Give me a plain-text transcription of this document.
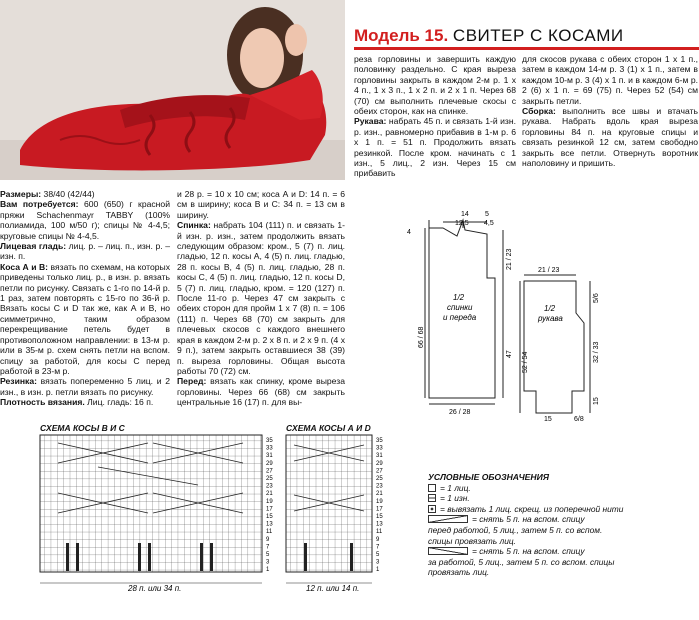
Модель 15. СВИТЕР С КОСАМИ

Размеры: 38/40 (42/44)

Вам потребуется: 600 (650) г красной пряжи Schachenmayr TABBY (100% полиамида, 100 м/50 г); спицы № 4-4,5; круговые спицы № 4-4,5.

Лицевая гладь: лиц. р. – лиц. п., изн. р. – изн. п.

Коса А и В: вязать по схемам, на которых приведены только лиц. р., в изн. р. вязать петли по рисунку. Связать с 1-го по 14-й р. 1 раз, затем повторять с 15-го по 36-й р. Вязать косы С и D так же, как А и В, но симметрично, таким образом перекрещивание петель будет в противоположном направлении: в 13-м р. или в 35-м р. схем снять петли на вспом. спицу за работой, для косы С перед работой в 23-м р.

Резинка: вязать попеременно 5 лиц. и 2 изн., в изн. р. петли вязать по рисунку.

Плотность вязания. Лиц. гладь: 16 п.

и 28 р. = 10 х 10 см; коса А и D: 14 п. = 6 см в ширину; коса В и С: 34 п. = 13 см в ширину.

Спинка: набрать 104 (111) п. и связать 1-й изн. р. изн., затем продолжить вязать следующим образом: кром., 5 (7) п. лиц. гладью, 12 п. косы А, 4 (5) п. лиц. гладью, 28 п. косы В, 4 (5) п. лиц. гладью, 28 п. косы С, 4 (5) п. лиц. гладью, 12 п. косы D, 5 (7) п. лиц. гладью, кром. = 120 (127) п. После 11-го р. Через 47 см закрыть с обеих сторон для пройм 1 х 7 (8) п. = 106 (111) п. Через 68 (70) см закрыть для плечевых скосов с каждого внешнего края в каждом 2-м р. 2 х 8 п. и 2 х 9 п. (4 х 9 п.), затем закрыть оставшиеся 38 (39) п. выреза горловины. Общая высота работы 70 (72) см.

Перед: вязать как спинку, кроме выреза горловины. Через 66 (68) см закрыть центральные 16 (17) п. для вы-

реза горловины и завершить каждую половинку раздельно. С края выреза горловины закрыть в каждом 2-м р. 1 х 4 п., 1 х 3 п., 1 х 2 п. и 2 х 1 п. Через 68 (70) см выполнить плечевые скосы с обеих сторон, как на спинке.

Рукава: набрать 45 п. и связать 1-й изн. р. изн., равномерно прибавив в 1-м р. 6 х 1 п. = 51 п. Продолжить вязать резинкой. После кром. начинать с 1 изн., 5 лиц., 2 изн. Через 15 см прибавить

для скосов рукава с обеих сторон 1 х 1 п., затем в каждом 14-м р. 3 (1) х 1 п., затем в каждом 10-м р. 3 (4) х 1 п. и в каждом 6-м р. 2 (6) х 1 п. = 69 (75) п. Через 52 (54) см закрыть петли.

Сборка: выполнить все швы и втачать рукава. Набрать вдоль края выреза горловины 84 п. на круговые спицы и связать резинкой 12 см, затем свободно закрыть все петли. Отвернуть воротник наполовину и пришить.

4
14
12,5
5
4,5
1/2
спинки
и переда
66 / 68
21 / 23
47
26 / 28
21 / 23
1/2
рукава
52 / 54
5/6
32 / 33
15
15	6/8
СХЕМА КОСЫ В И С
35
33
31
29
27
25
23
21
19
17
15
13
11
9
7
5
3
1
28 п. или 34 п.
СХЕМА КОСЫ А И D
35
33
31
29
27
25
23
21
19
17
15
13
11
9
7
5
3
1
12 п. или 14 п.
УСЛОВНЫЕ ОБОЗНАЧЕНИЯ
= 1 лиц.
= 1 изн.
= вывязать 1 лиц. скрещ. из поперечной нити
= снять 5 п. на вспом. спицу
перед работой, 5 лиц., затем 5 п. со вспом.
спицы провязать лиц.
= снять 5 п. на вспом. спицу
за работой, 5 лиц., затем 5 п. со вспом. спицы
провязать лиц.
